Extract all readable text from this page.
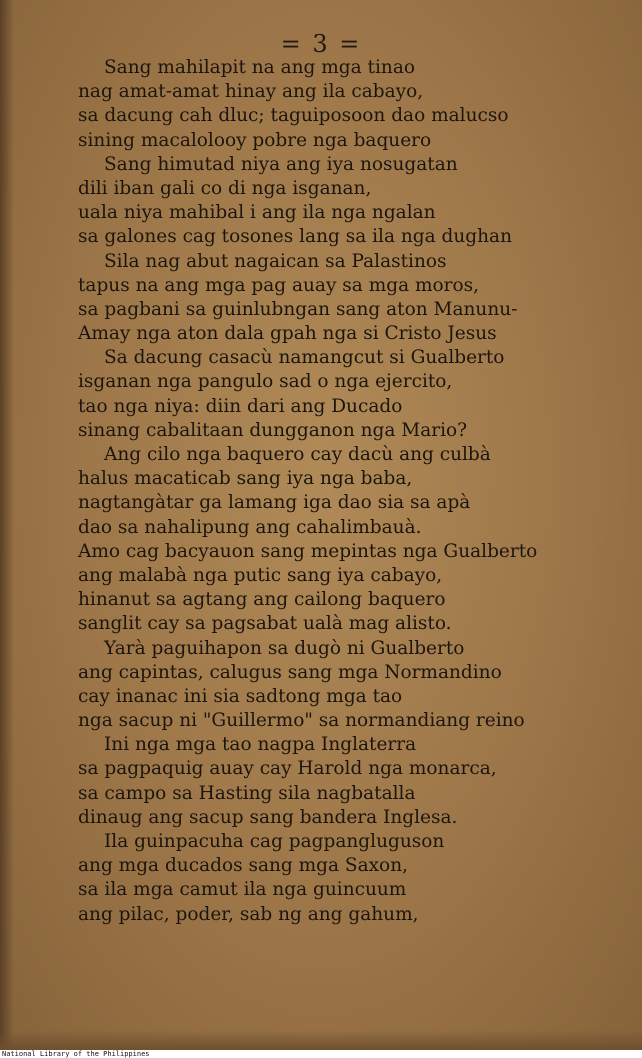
= 3 =
Sang mahilapit na ang mga tinao
nag amat-amat hinay ang ila cabayo,
sa dacung cah dluc; taguiposoon dao malucso
sining macalolooy pobre nga baquero
Sang himutad niya ang iya nosugatan
dili iban gali co di nga isganan,
uala niya mahibal i ang ila nga ngalan
sa galones cag tosones lang sa ila nga dughan
Sila nag abut nagaican sa Palastinos
tapus na ang mga pag auay sa mga moros,
sa pagbani sa guinlubngan sang aton Manunu-
Amay nga aton dala gpah nga si Cristo Jesus
Sa dacung casacù namangcut si Gualberto
isganan nga pangulo sad o nga ejercito,
tao nga niya: diin dari ang Ducado
sinang cabalitaan dungganon nga Mario?
Ang cilo nga baquero cay dacù ang culbà
halus macaticab sang iya nga baba,
nagtangàtar ga lamang iga dao sia sa apà
dao sa nahalipung ang cahalimbauà.
Amo cag bacyauon sang mepintas nga Gualberto
ang malabà nga putic sang iya cabayo,
hinanut sa agtang ang cailong baquero
sanglit cay sa pagsabat ualà mag alisto.
Yarà paguihapon sa dugò ni Gualberto
ang capintas, calugus sang mga Normandino
cay inanac ini sia sadtong mga tao
nga sacup ni "Guillermo" sa normandiang reino
Ini nga mga tao nagpa Inglaterra
sa pagpaquig auay cay Harold nga monarca,
sa campo sa Hasting sila nagbatalla
dinaug ang sacup sang bandera Inglesa.
Ila guinpacuha cag pagpangluguson
ang mga ducados sang mga Saxon,
sa ila mga camut ila nga guincuum
ang pilac, poder, sab ng ang gahum,
National Library of the Philippines
